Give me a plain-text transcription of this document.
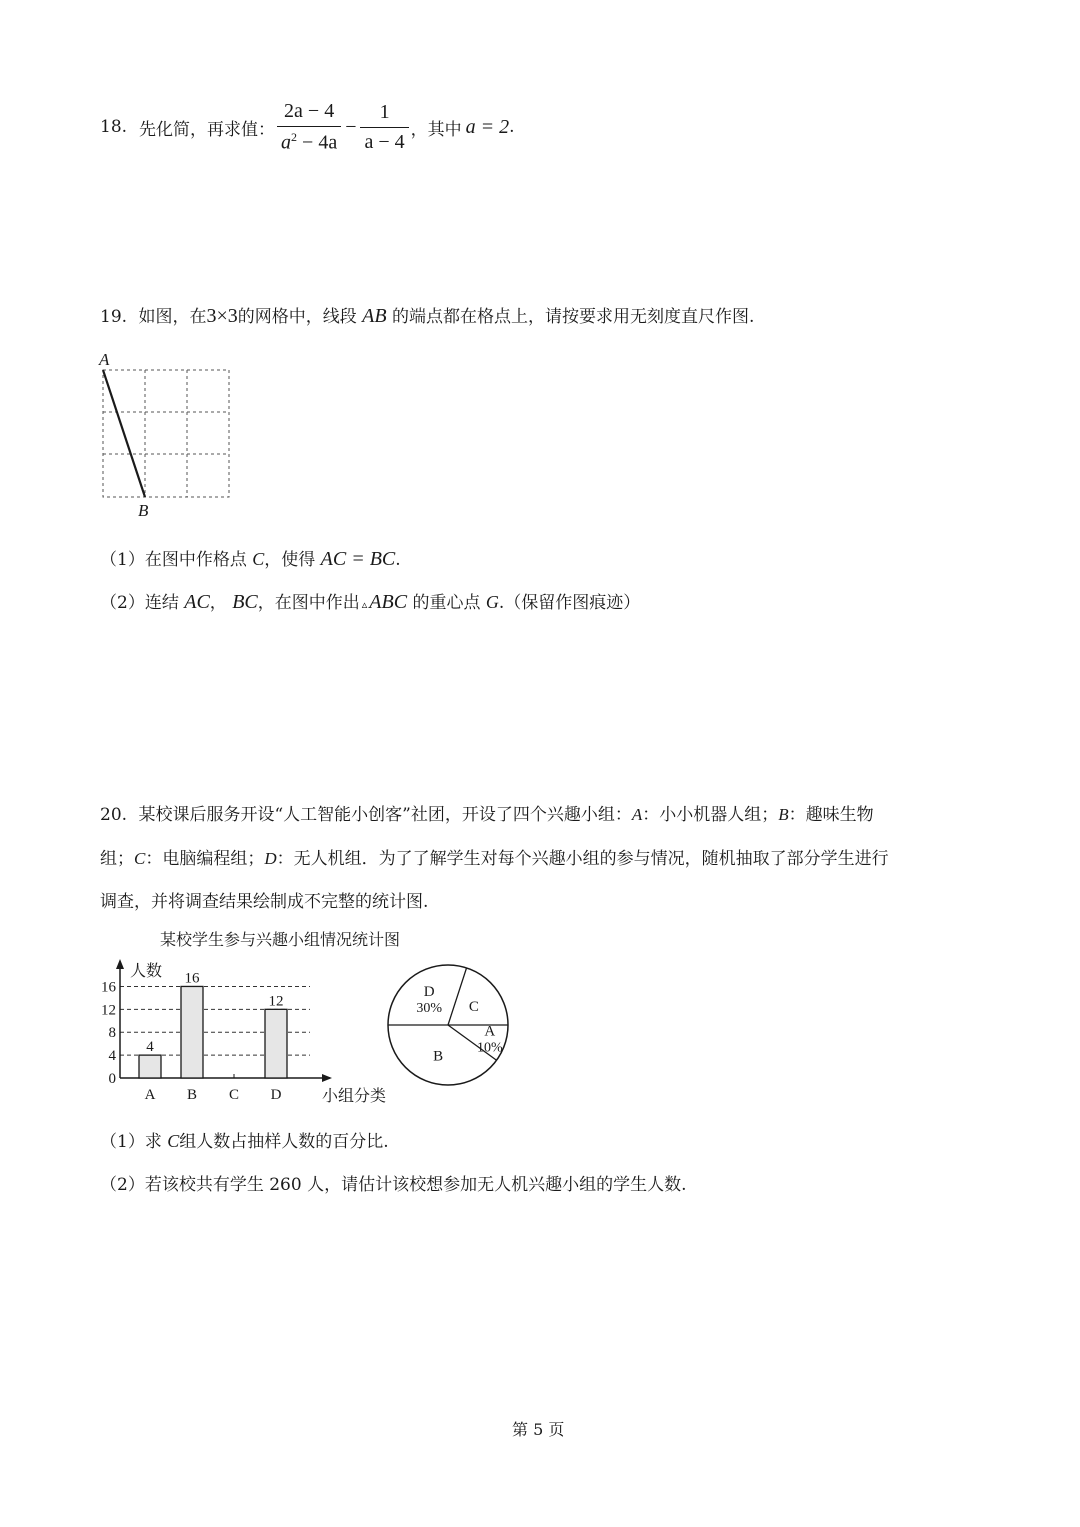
18. 先化简，再求值： $\frac{2a - 4}{a^2 - 4a} - \frac{1}{a - 4}$ ，其中 a = 2 .
19. 如图，在3×3的网格中，线段 AB 的端点都在格点上，请按要求用无刻度直尺作图.
A
B
（1）在图中作格点 C，使得 AC = BC.
（2）连结 AC， BC，在图中作出 ▵ ABC 的重心点 G.（保留作图痕迹）
20. 某校课后服务开设“人工智能小创客”社团，开设了四个兴趣小组：A：小小机器人组；B：趣味生物
组；C：电脑编程组；D：无人机组．为了了解学生对每个兴趣小组的参与情况，随机抽取了部分学生进行
调查，并将调查结果绘制成不完整的统计图.
某校学生参与兴趣小组情况统计图
0
4
8
12
16
人数
小组分类
A
4
B
16
C D
12
A
10%
B
C
D
30%
（1）求 C组人数占抽样人数的百分比.
（2）若该校共有学生 260 人，请估计该校想参加无人机兴趣小组的学生人数.
第 5 页
